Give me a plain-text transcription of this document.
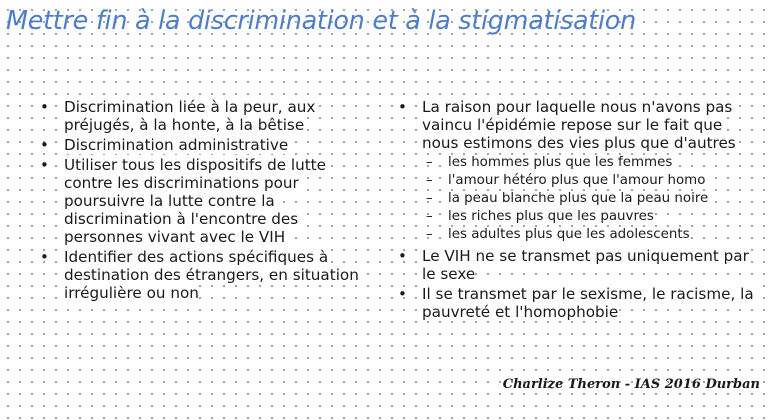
Mettre fin à la discrimination et à la stigmatisation
• Discrimination liée à la peur, aux préjugés, à la honte, à la bêtise
• Discrimination administrative
• Utiliser tous les dispositifs de lutte contre les discriminations pour poursuivre la lutte contre la discrimination à l'encontre des personnes vivant avec le VIH
• Identifier des actions spécifiques à destination des étrangers, en situation irrégulière ou non
• La raison pour laquelle nous n'avons pas vaincu l'épidémie repose sur le fait que nous estimons des vies plus que d'autres
– les hommes plus que les femmes
– l'amour hétéro plus que l'amour homo
– la peau blanche plus que la peau noire
– les riches plus que les pauvres
– les adultes plus que les adolescents
• Le VIH ne se transmet pas uniquement par le sexe
• Il se transmet par le sexisme, le racisme, la pauvreté et l'homophobie
Charlize Theron - IAS 2016 Durban
